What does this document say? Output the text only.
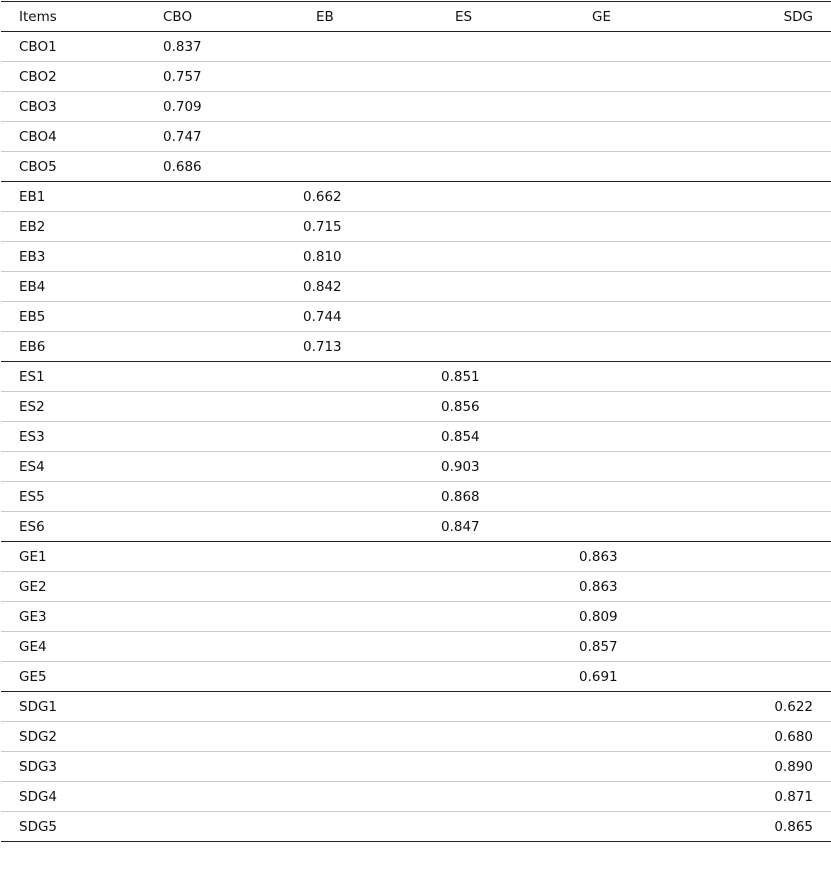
Items	CBO	EB	ES	GE	SDG
CBO1	0.837				
CBO2	0.757				
CBO3	0.709				
CBO4	0.747				
CBO5	0.686				
EB1		0.662			
EB2		0.715			
EB3		0.810			
EB4		0.842			
EB5		0.744			
EB6		0.713			
ES1			0.851		
ES2			0.856		
ES3			0.854		
ES4			0.903		
ES5			0.868		
ES6			0.847		
GE1				0.863	
GE2				0.863	
GE3				0.809	
GE4				0.857	
GE5				0.691	
SDG1					0.622
SDG2					0.680
SDG3					0.890
SDG4					0.871
SDG5					0.865
